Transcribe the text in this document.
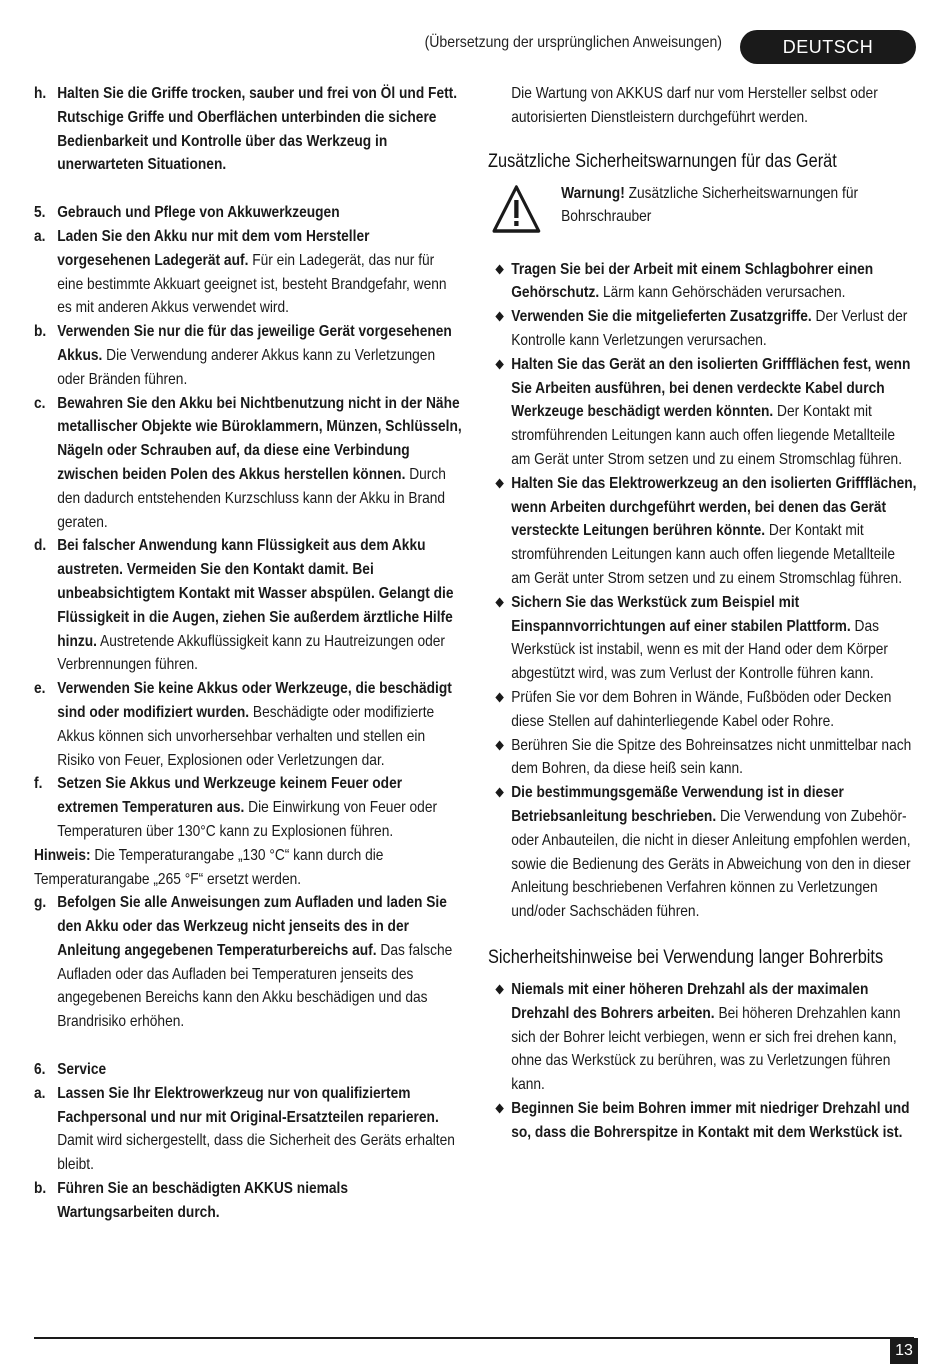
(Übersetzung der ursprünglichen Anweisungen)	DEUTSCH
h. Halten Sie die Griffe trocken, sauber und frei von Öl und Fett. Rutschige Griffe und Oberflächen unterbinden die sichere Bedienbarkeit und Kontrolle über das Werkzeug in unerwarteten Situationen.
5. Gebrauch und Pflege von Akkuwerkzeugen
a. Laden Sie den Akku nur mit dem vom Hersteller vorgesehenen Ladegerät auf. Für ein Ladegerät, das nur für eine bestimmte Akkuart geeignet ist, besteht Brandgefahr, wenn es mit anderen Akkus verwendet wird.
b. Verwenden Sie nur die für das jeweilige Gerät vorgesehenen Akkus. Die Verwendung anderer Akkus kann zu Verletzungen oder Bränden führen.
c. Bewahren Sie den Akku bei Nichtbenutzung nicht in der Nähe metallischer Objekte wie Büroklammern, Münzen, Schlüsseln, Nägeln oder Schrauben auf, da diese eine Verbindung zwischen beiden Polen des Akkus herstellen können. Durch den dadurch entstehenden Kurzschluss kann der Akku in Brand geraten.
d. Bei falscher Anwendung kann Flüssigkeit aus dem Akku austreten. Vermeiden Sie den Kontakt damit. Bei unbeabsichtigtem Kontakt mit Wasser abspülen. Gelangt die Flüssigkeit in die Augen, ziehen Sie außerdem ärztliche Hilfe hinzu. Austretende Akkuflüssigkeit kann zu Hautreizungen oder Verbrennungen führen.
e. Verwenden Sie keine Akkus oder Werkzeuge, die beschädigt sind oder modifiziert wurden. Beschädigte oder modifizierte Akkus können sich unvorhersehbar verhalten und stellen ein Risiko von Feuer, Explosionen oder Verletzungen dar.
f. Setzen Sie Akkus und Werkzeuge keinem Feuer oder extremen Temperaturen aus. Die Einwirkung von Feuer oder Temperaturen über 130°C kann zu Explosionen führen.
Hinweis: Die Temperaturangabe „130 °C“ kann durch die Temperaturangabe „265 °F“ ersetzt werden.
g. Befolgen Sie alle Anweisungen zum Aufladen und laden Sie den Akku oder das Werkzeug nicht jenseits des in der Anleitung angegebenen Temperaturbereichs auf. Das falsche Aufladen oder das Aufladen bei Temperaturen jenseits des angegebenen Bereichs kann den Akku beschädigen und das Brandrisiko erhöhen.
6. Service
a. Lassen Sie Ihr Elektrowerkzeug nur von qualifiziertem Fachpersonal und nur mit Original-Ersatzteilen reparieren. Damit wird sichergestellt, dass die Sicherheit des Geräts erhalten bleibt.
b. Führen Sie an beschädigten AKKUS niemals Wartungsarbeiten durch.
Die Wartung von AKKUS darf nur vom Hersteller selbst oder autorisierten Dienstleistern durchgeführt werden.
Zusätzliche Sicherheitswarnungen für das Gerät
Warnung! Zusätzliche Sicherheitswarnungen für Bohrschrauber
Tragen Sie bei der Arbeit mit einem Schlagbohrer einen Gehörschutz. Lärm kann Gehörschäden verursachen.
Verwenden Sie die mitgelieferten Zusatzgriffe. Der Verlust der Kontrolle kann Verletzungen verursachen.
Halten Sie das Gerät an den isolierten Griffflächen fest, wenn Sie Arbeiten ausführen, bei denen verdeckte Kabel durch Werkzeuge beschädigt werden könnten. Der Kontakt mit stromführenden Leitungen kann auch offen liegende Metallteile am Gerät unter Strom setzen und zu einem Stromschlag führen.
Halten Sie das Elektrowerkzeug an den isolierten Griffflächen, wenn Arbeiten durchgeführt werden, bei denen das Gerät versteckte Leitungen berühren könnte. Der Kontakt mit stromführenden Leitungen kann auch offen liegende Metallteile am Gerät unter Strom setzen und zu einem Stromschlag führen.
Sichern Sie das Werkstück zum Beispiel mit Einspannvorrichtungen auf einer stabilen Plattform. Das Werkstück ist instabil, wenn es mit der Hand oder dem Körper abgestützt wird, was zum Verlust der Kontrolle führen kann.
Prüfen Sie vor dem Bohren in Wände, Fußböden oder Decken diese Stellen auf dahinterliegende Kabel oder Rohre.
Berühren Sie die Spitze des Bohreinsatzes nicht unmittelbar nach dem Bohren, da diese heiß sein kann.
Die bestimmungsgemäße Verwendung ist in dieser Betriebsanleitung beschrieben. Die Verwendung von Zubehör- oder Anbauteilen, die nicht in dieser Anleitung empfohlen werden, sowie die Bedienung des Geräts in Abweichung von den in dieser Anleitung beschriebenen Verfahren können zu Verletzungen und/oder Sachschäden führen.
Sicherheitshinweise bei Verwendung langer Bohrerbits
Niemals mit einer höheren Drehzahl als der maximalen Drehzahl des Bohrers arbeiten. Bei höheren Drehzahlen kann sich der Bohrer leicht verbiegen, wenn er sich frei drehen kann, ohne das Werkstück zu berühren, was zu Verletzungen führen kann.
Beginnen Sie beim Bohren immer mit niedriger Drehzahl und so, dass die Bohrerspitze in Kontakt mit dem Werkstück ist.
13
